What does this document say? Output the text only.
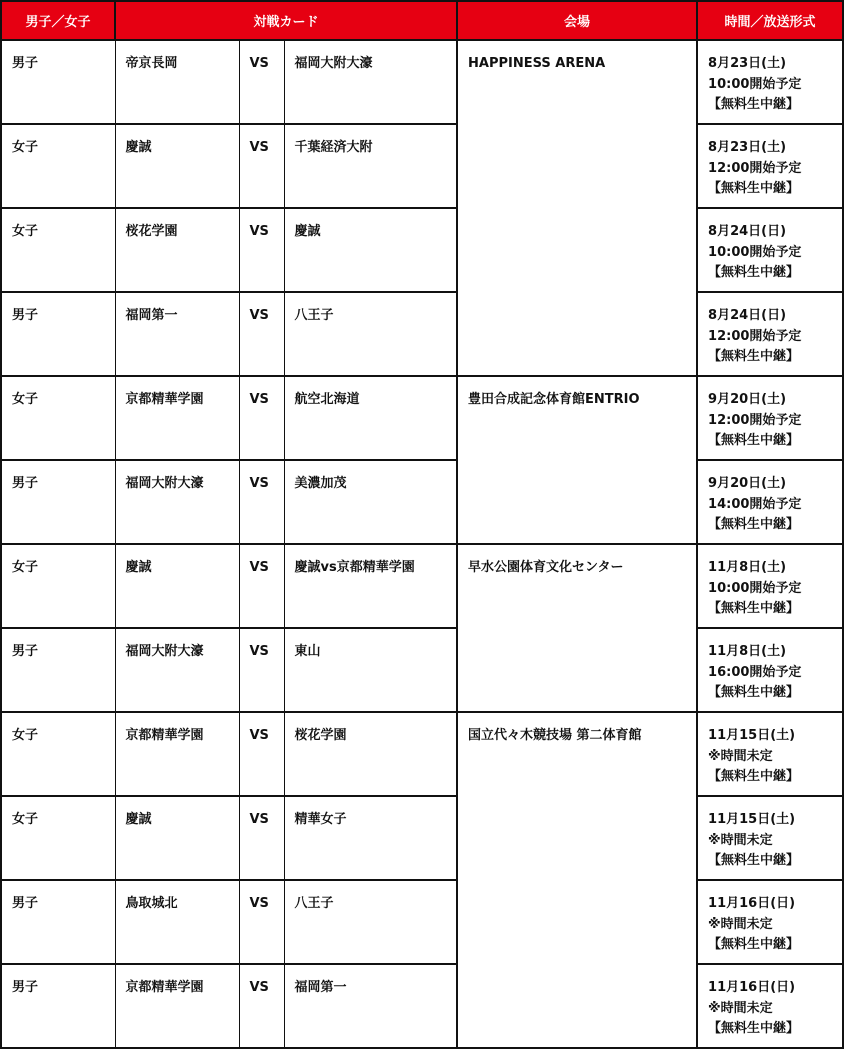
男子／女子	対戦カード			会場	時間／放送形式
男子	帝京長岡	VS	福岡大附大濠	HAPPINESS ARENA	8月23日(土)
10:00開始予定
【無料生中継】

女子	慶誠	VS	千葉経済大附		8月23日(土)
12:00開始予定
【無料生中継】

女子	桜花学園	VS	慶誠		8月24日(日)
10:00開始予定
【無料生中継】

男子	福岡第一	VS	八王子		8月24日(日)
12:00開始予定
【無料生中継】

女子	京都精華学園	VS	航空北海道	豊田合成記念体育館ENTRIO	9月20日(土)
12:00開始予定
【無料生中継】

男子	福岡大附大濠	VS	美濃加茂		9月20日(土)
14:00開始予定
【無料生中継】

女子	慶誠	VS	慶誠vs京都精華学園	早水公園体育文化センター	11月8日(土)
10:00開始予定
【無料生中継】

男子	福岡大附大濠	VS	東山		11月8日(土)
16:00開始予定
【無料生中継】

女子	京都精華学園	VS	桜花学園	国立代々木競技場 第二体育館	11月15日(土)
※時間未定
【無料生中継】

女子	慶誠	VS	精華女子		11月15日(土)
※時間未定
【無料生中継】

男子	鳥取城北	VS	八王子		11月16日(日)
※時間未定
【無料生中継】

男子	京都精華学園	VS	福岡第一		11月16日(日)
※時間未定
【無料生中継】
